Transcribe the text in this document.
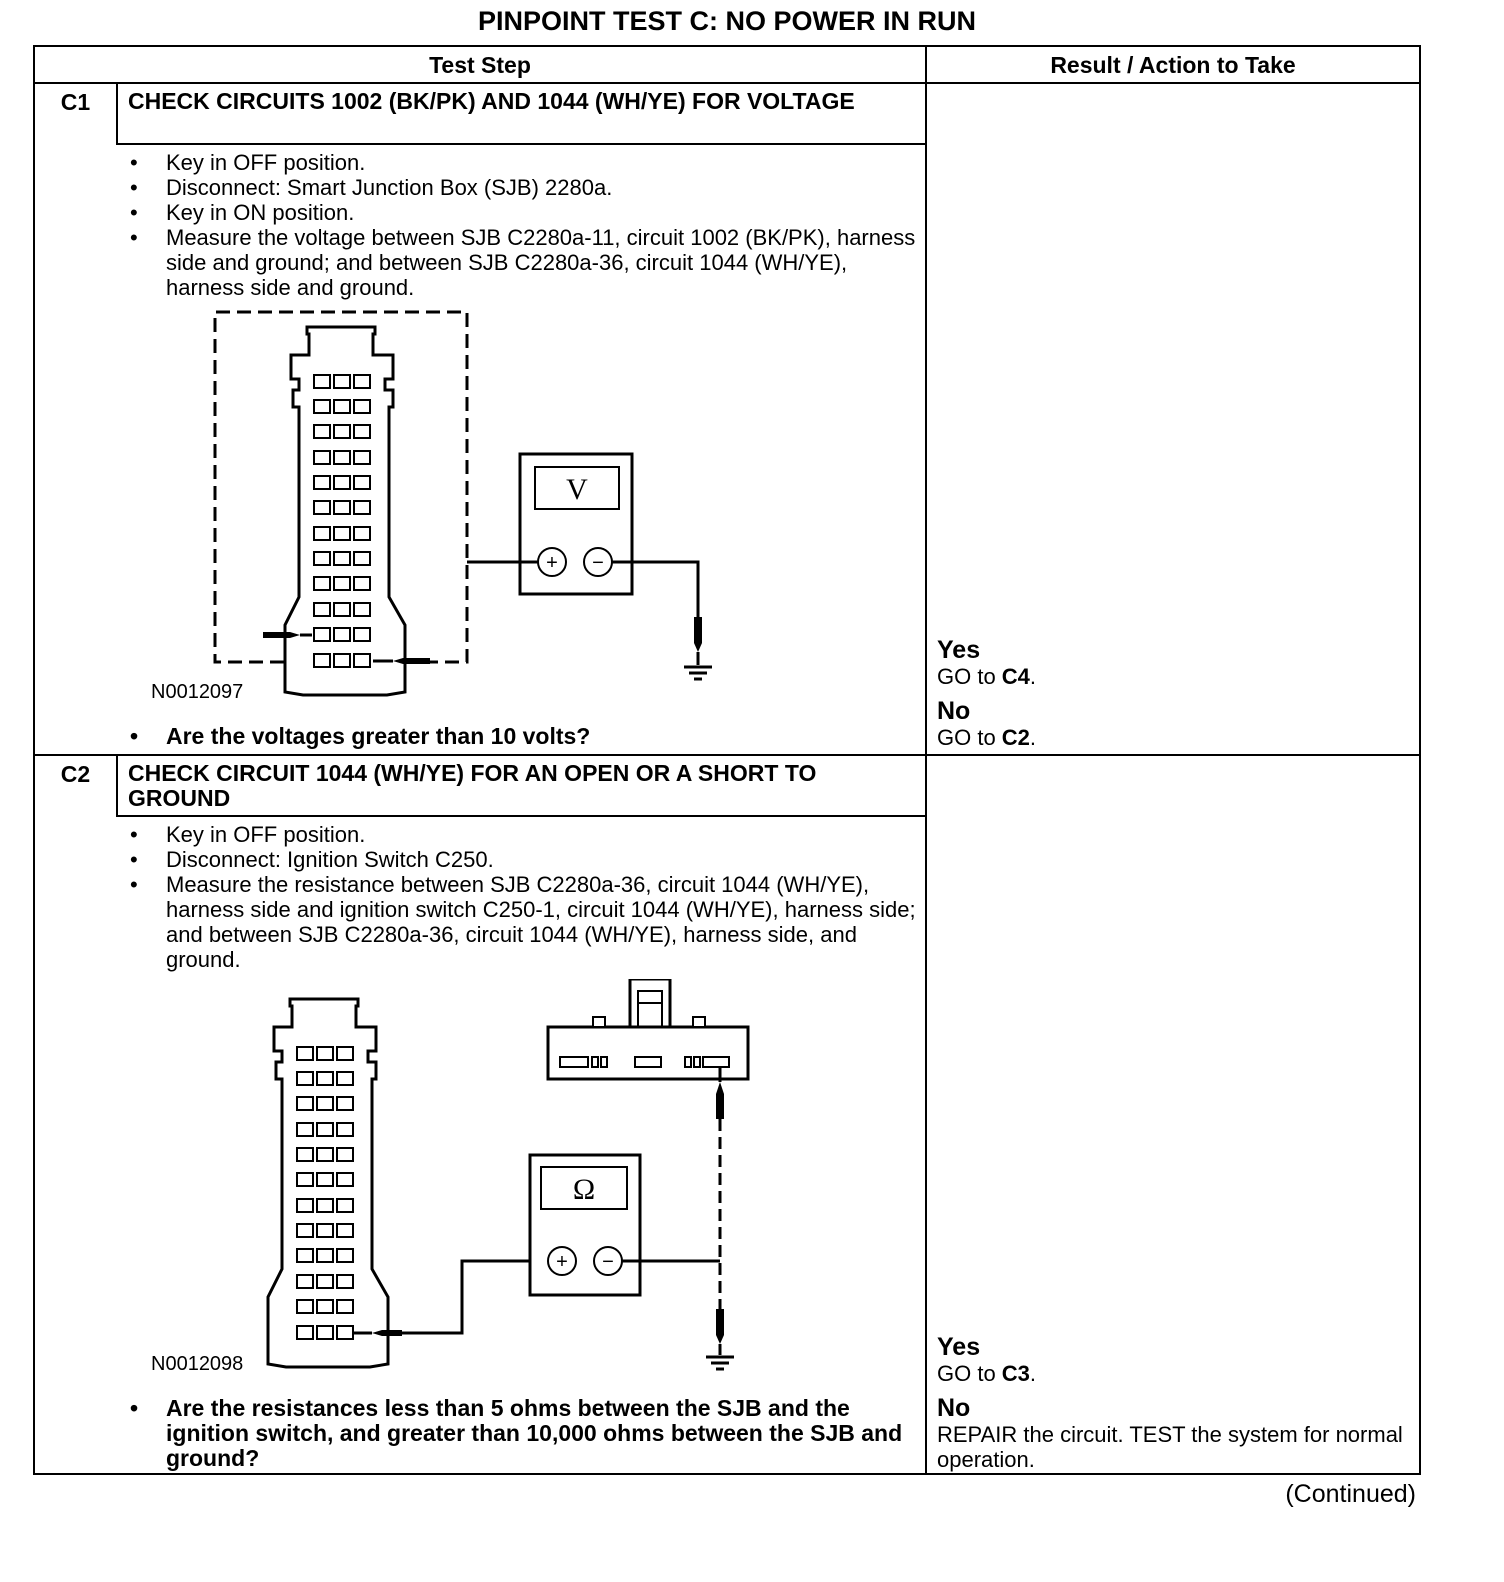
PINPOINT TEST C: NO POWER IN RUN
Test Step	Result / Action to Take
C1	CHECK CIRCUITS 1002 (BK/PK) AND 1044 (WH/YE) FOR VOLTAGE
• Key in OFF position.
• Disconnect: Smart Junction Box (SJB) 2280a.
• Key in ON position.
• Measure the voltage between SJB C2280a-11, circuit 1002 (BK/PK), harness side and ground; and between SJB C2280a-36, circuit 1044 (WH/YE), harness side and ground.
V
+ −
N0012097
• Are the voltages greater than 10 volts?
Yes
GO to C4.
No
GO to C2.
C2	CHECK CIRCUIT 1044 (WH/YE) FOR AN OPEN OR A SHORT TO GROUND
• Key in OFF position.
• Disconnect: Ignition Switch C250.
• Measure the resistance between SJB C2280a-36, circuit 1044 (WH/YE), harness side and ignition switch C250-1, circuit 1044 (WH/YE), harness side; and between SJB C2280a-36, circuit 1044 (WH/YE), harness side, and ground.
Ω
+ −
N0012098
• Are the resistances less than 5 ohms between the SJB and the ignition switch, and greater than 10,000 ohms between the SJB and ground?
Yes
GO to C3.
No
REPAIR the circuit. TEST the system for normal operation.
(Continued)
